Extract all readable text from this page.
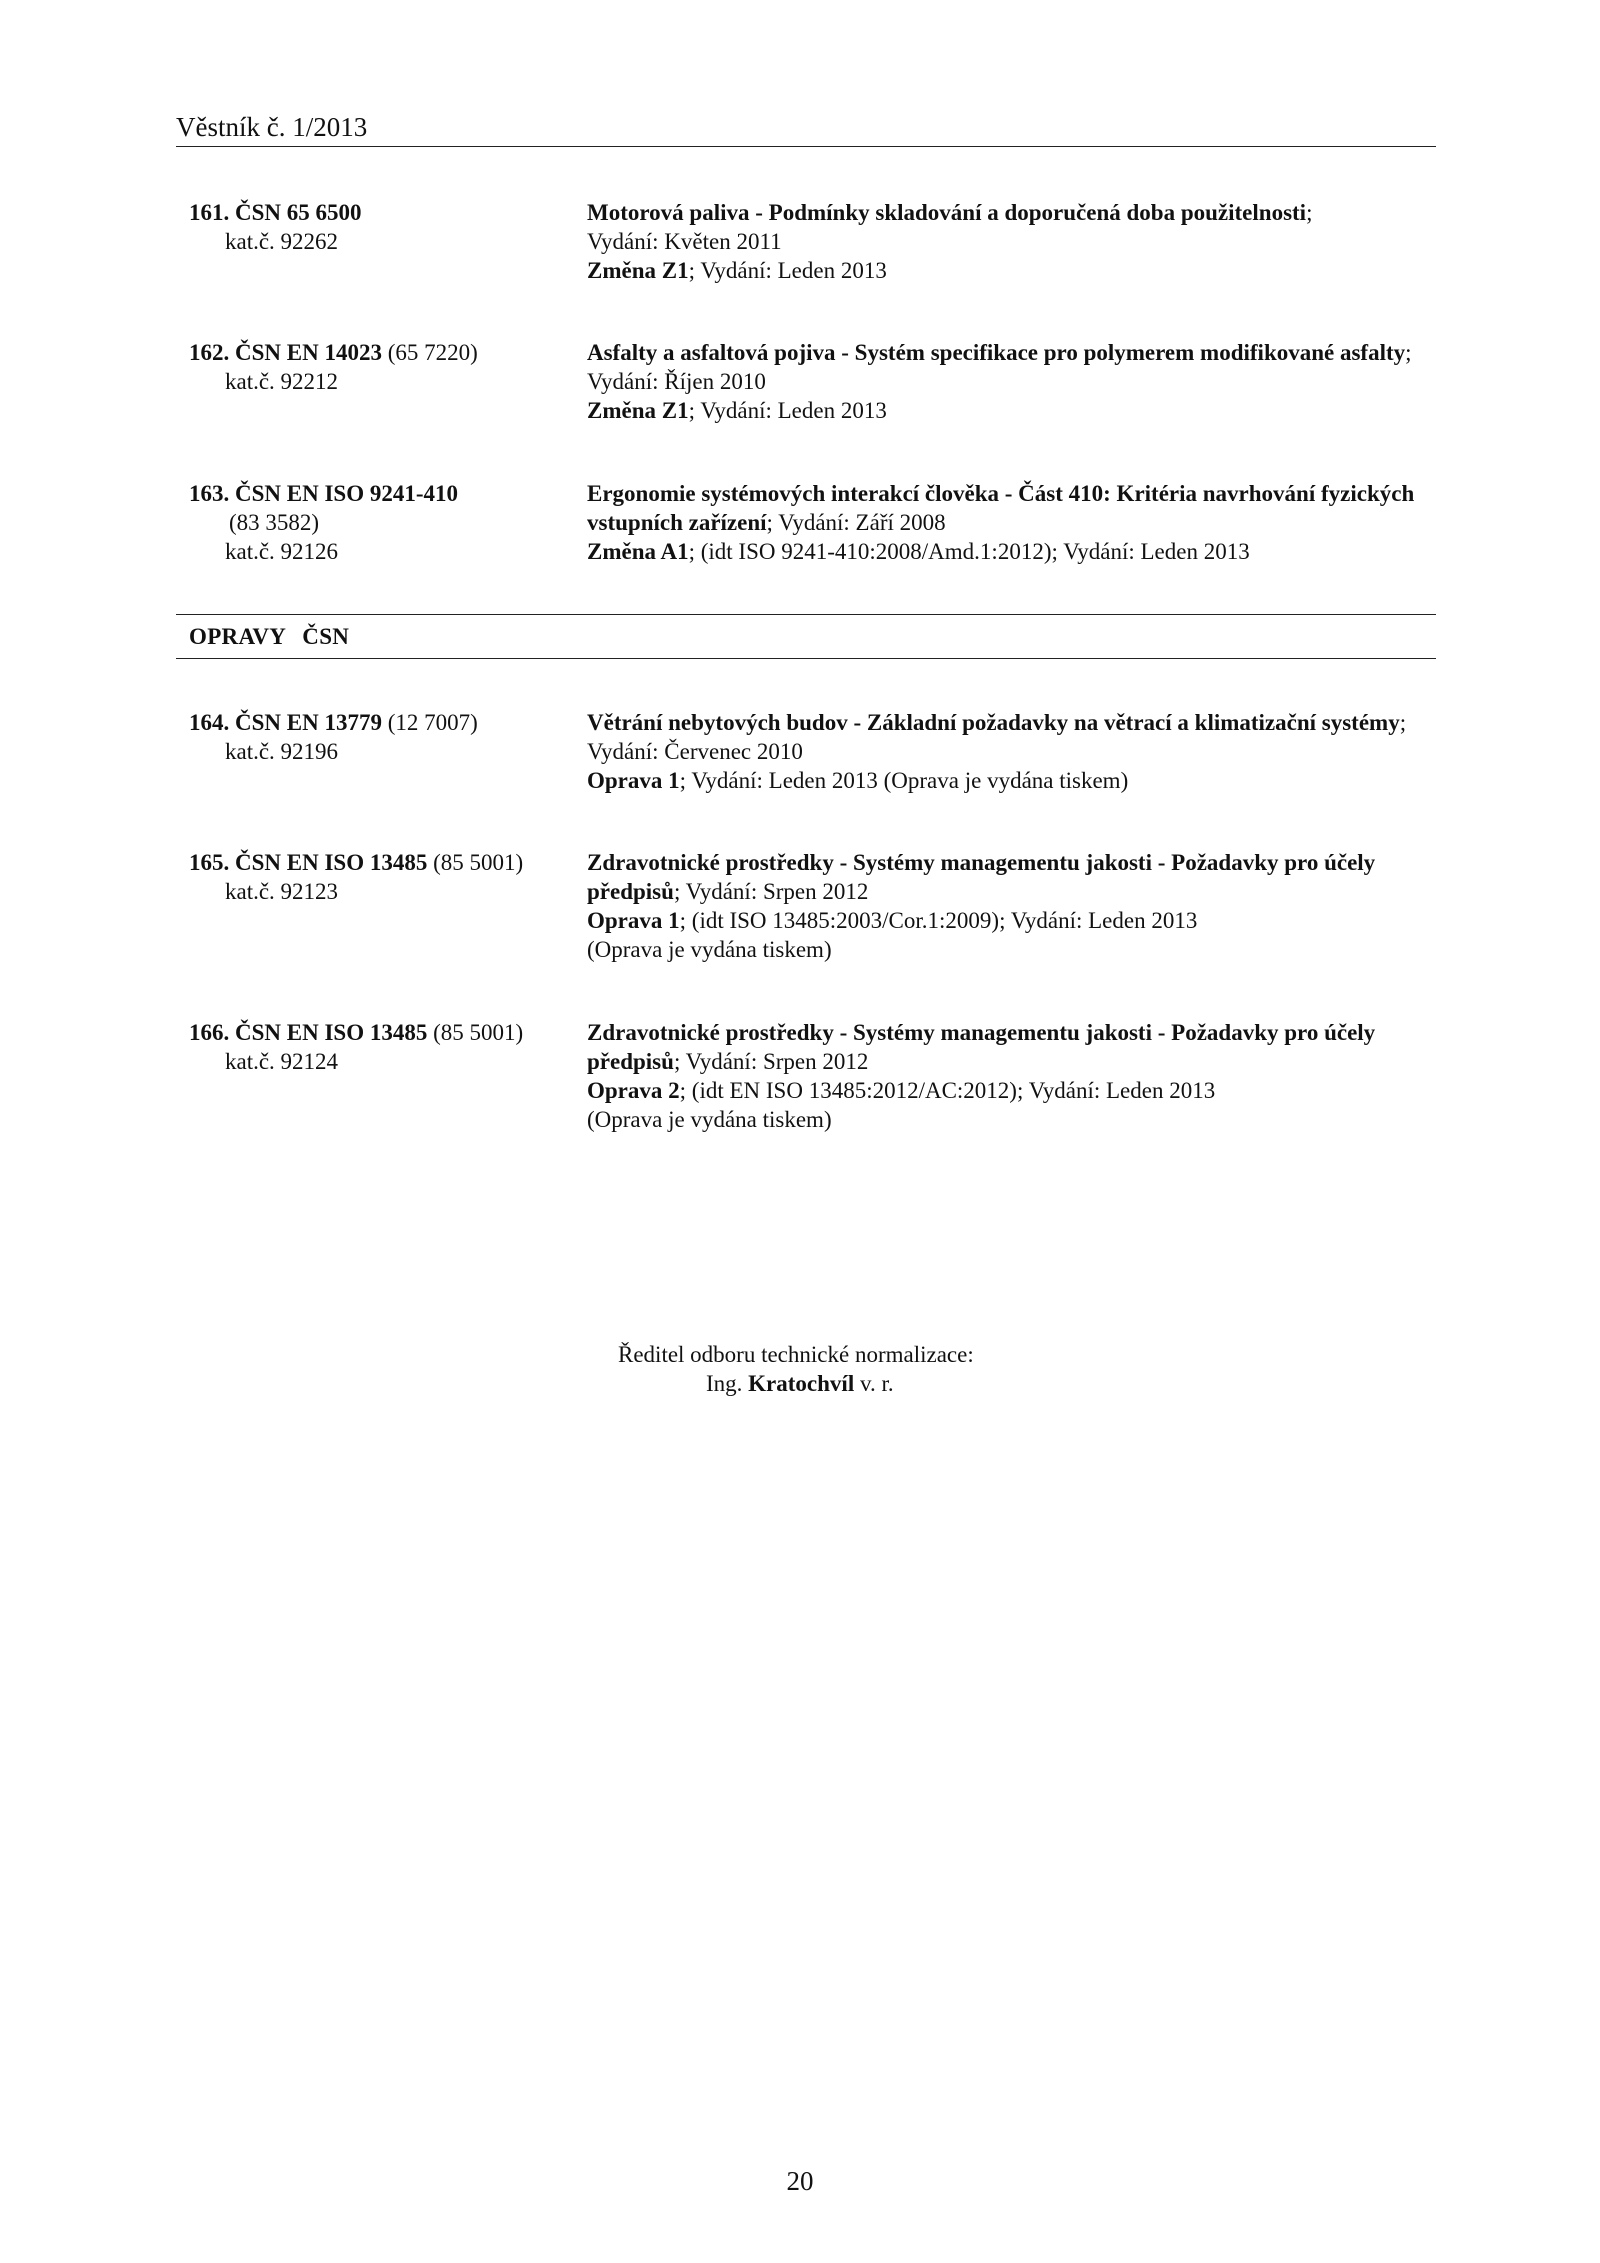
Věstník č. 1/2013
161. ČSN 65 6500
kat.č. 92262
Motorová paliva - Podmínky skladování a doporučená doba použitelnosti;
Vydání: Květen 2011
Změna Z1; Vydání: Leden 2013
162. ČSN EN 14023 (65 7220)
kat.č. 92212
Asfalty a asfaltová pojiva - Systém specifikace pro polymerem modifikované asfalty; Vydání: Říjen 2010
Změna Z1; Vydání: Leden 2013
163. ČSN EN ISO 9241-410
(83 3582)
kat.č. 92126
Ergonomie systémových interakcí člověka - Část 410: Kritéria navrhování fyzických vstupních zařízení; Vydání: Září 2008
Změna A1; (idt ISO 9241-410:2008/Amd.1:2012); Vydání: Leden 2013
OPRAVY ČSN
164. ČSN EN 13779 (12 7007)
kat.č. 92196
Větrání nebytových budov - Základní požadavky na větrací a klimatizační systémy; Vydání: Červenec 2010
Oprava 1; Vydání: Leden 2013 (Oprava je vydána tiskem)
165. ČSN EN ISO 13485 (85 5001)
kat.č. 92123
Zdravotnické prostředky - Systémy managementu jakosti - Požadavky pro účely předpisů; Vydání: Srpen 2012
Oprava 1; (idt ISO 13485:2003/Cor.1:2009); Vydání: Leden 2013
(Oprava je vydána tiskem)
166. ČSN EN ISO 13485 (85 5001)
kat.č. 92124
Zdravotnické prostředky - Systémy managementu jakosti - Požadavky pro účely předpisů; Vydání: Srpen 2012
Oprava 2; (idt EN ISO 13485:2012/AC:2012); Vydání: Leden 2013
(Oprava je vydána tiskem)
Ředitel odboru technické normalizace:
Ing. Kratochvíl v. r.
20
